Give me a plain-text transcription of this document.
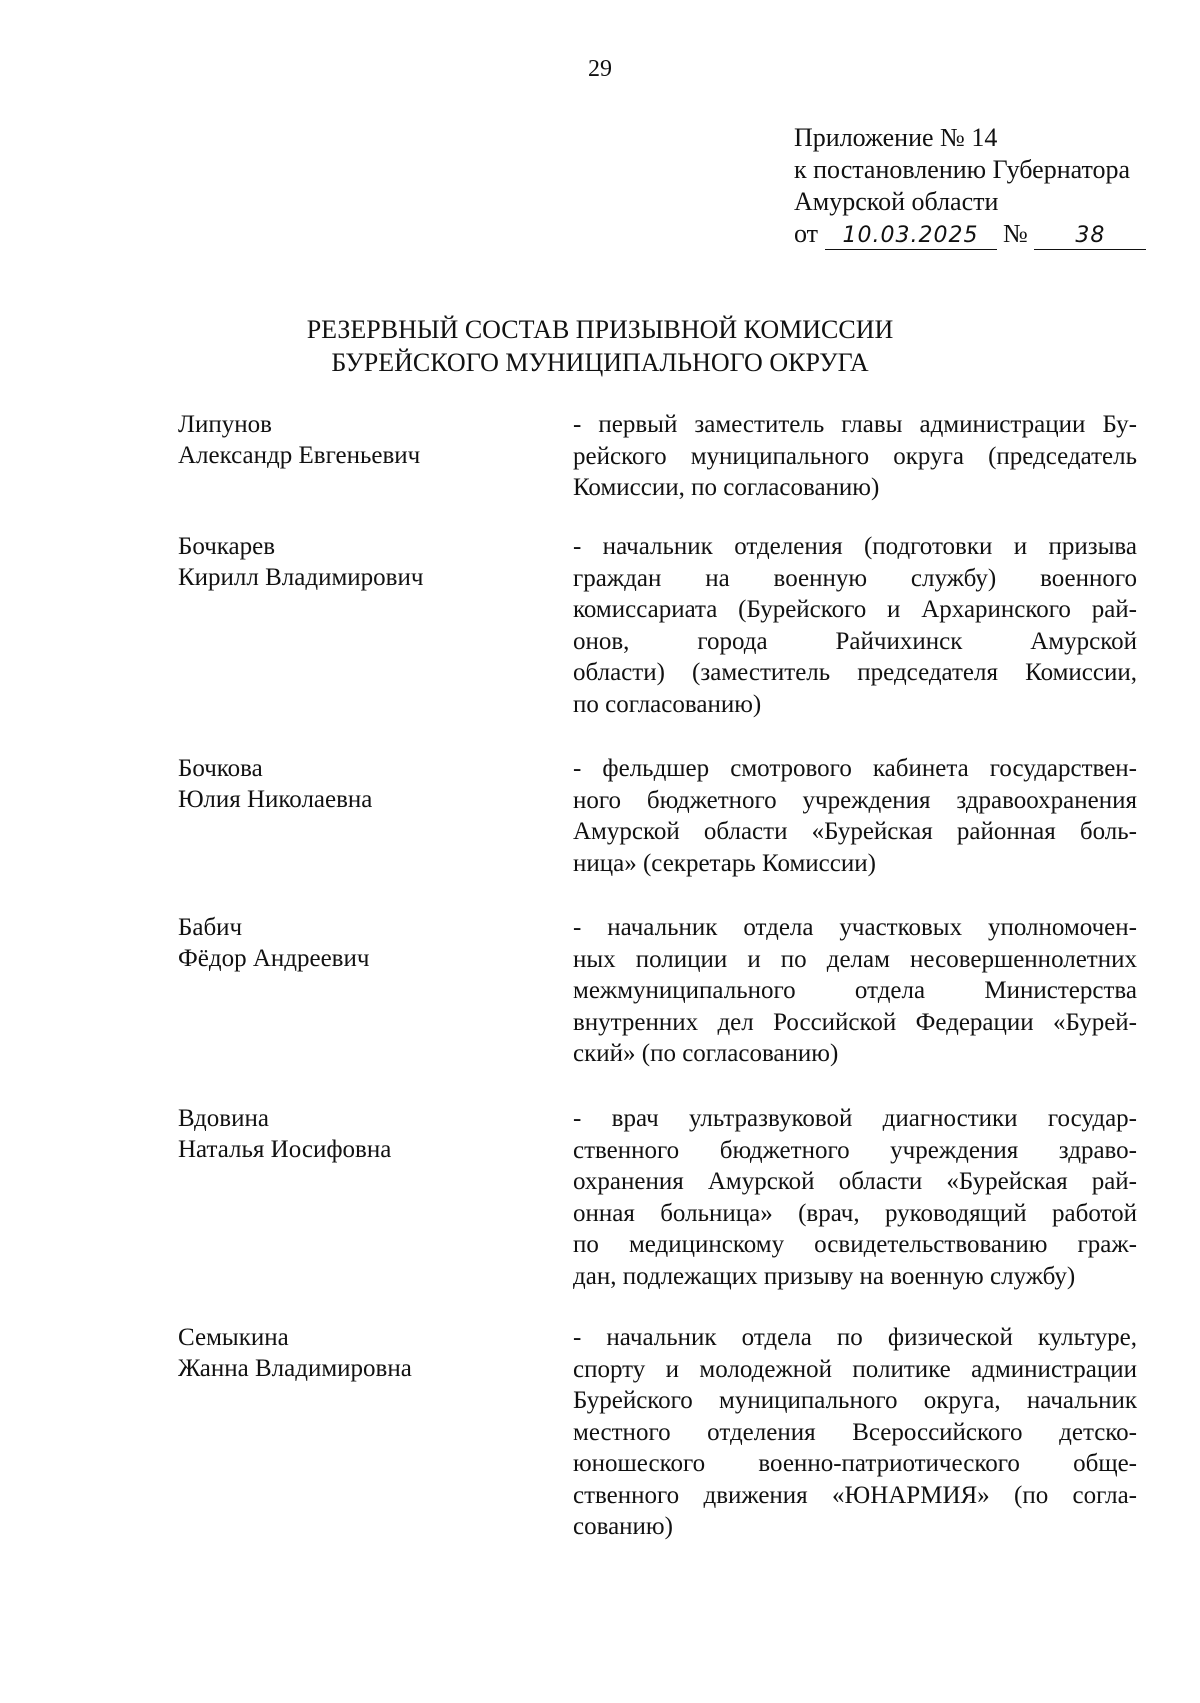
29
Приложение № 14
к постановлению Губернатора
Амурской области
от 10.03.2025 № 38
РЕЗЕРВНЫЙ СОСТАВ ПРИЗЫВНОЙ КОМИССИИ
БУРЕЙСКОГО МУНИЦИПАЛЬНОГО ОКРУГА
Липунов
Александр Евгеньевич
- первый заместитель главы администрации Бу-
рейского муниципального округа (председатель
Комиссии, по согласованию)
Бочкарев
Кирилл Владимирович
- начальник отделения (подготовки и призыва
граждан на военную службу) военного
комиссариата (Бурейского и Архаринского рай-
онов, города Райчихинск Амурской
области) (заместитель председателя Комиссии,
по согласованию)
Бочкова
Юлия Николаевна
- фельдшер смотрового кабинета государствен-
ного бюджетного учреждения здравоохранения
Амурской области «Бурейская районная боль-
ница» (секретарь Комиссии)
Бабич
Фёдор Андреевич
- начальник отдела участковых уполномочен-
ных полиции и по делам несовершеннолетних
межмуниципального отдела Министерства
внутренних дел Российской Федерации «Бурей-
ский» (по согласованию)
Вдовина
Наталья Иосифовна
- врач ультразвуковой диагностики государ-
ственного бюджетного учреждения здраво-
охранения Амурской области «Бурейская рай-
онная больница» (врач, руководящий работой
по медицинскому освидетельствованию граж-
дан, подлежащих призыву на военную службу)
Семыкина
Жанна Владимировна
- начальник отдела по физической культуре,
спорту и молодежной политике администрации
Бурейского муниципального округа, начальник
местного отделения Всероссийского детско-
юношеского военно-патриотического обще-
ственного движения «ЮНАРМИЯ» (по согла-
сованию)
